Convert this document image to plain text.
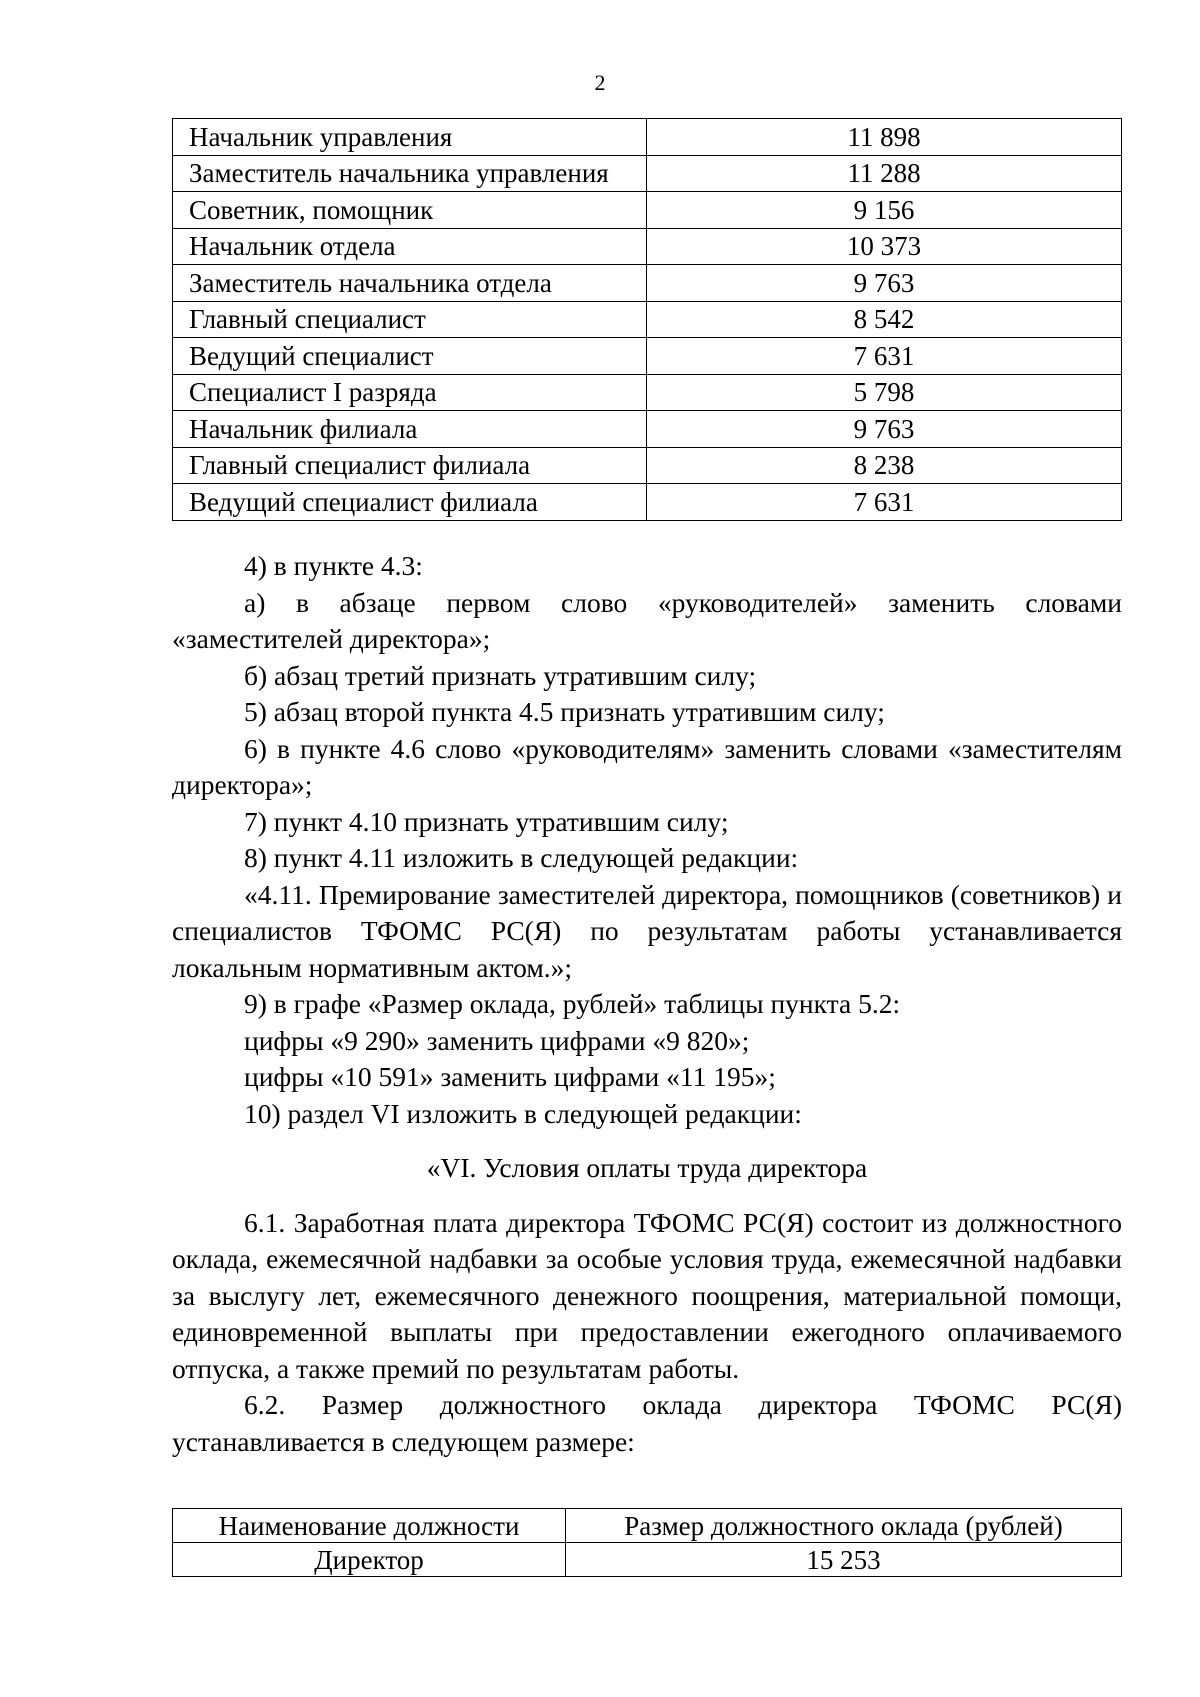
2
Начальник управления	11 898
Заместитель начальника управления	11 288
Советник, помощник	9 156
Начальник отдела	10 373
Заместитель начальника отдела	9 763
Главный специалист	8 542
Ведущий специалист	7 631
Специалист I разряда	5 798
Начальник филиала	9 763
Главный специалист филиала	8 238
Ведущий специалист филиала	7 631

4) в пункте 4.3:

а) в абзаце первом слово «руководителей» заменить словами «заместителей директора»;

б) абзац третий признать утратившим силу;

5) абзац второй пункта 4.5 признать утратившим силу;

6) в пункте 4.6 слово «руководителям» заменить словами «заместителям директора»;

7) пункт 4.10 признать утратившим силу;

8) пункт 4.11 изложить в следующей редакции:

«4.11. Премирование заместителей директора, помощников (советников) и специалистов ТФОМС РС(Я) по результатам работы устанавливается локальным нормативным актом.»;

9) в графе «Размер оклада, рублей» таблицы пункта 5.2:

цифры «9 290» заменить цифрами «9 820»;

цифры «10 591» заменить цифрами «11 195»;

10) раздел VI изложить в следующей редакции:

«VI. Условия оплаты труда директора

6.1. Заработная плата директора ТФОМС РС(Я) состоит из должностного оклада, ежемесячной надбавки за особые условия труда, ежемесячной надбавки за выслугу лет, ежемесячного денежного поощрения, материальной помощи, единовременной выплаты при предоставлении ежегодного оплачиваемого отпуска, а также премий по результатам работы.

6.2. Размер должностного оклада директора ТФОМС РС(Я) устанавливается в следующем размере:

Наименование должности	Размер должностного оклада (рублей)
Директор	15 253
